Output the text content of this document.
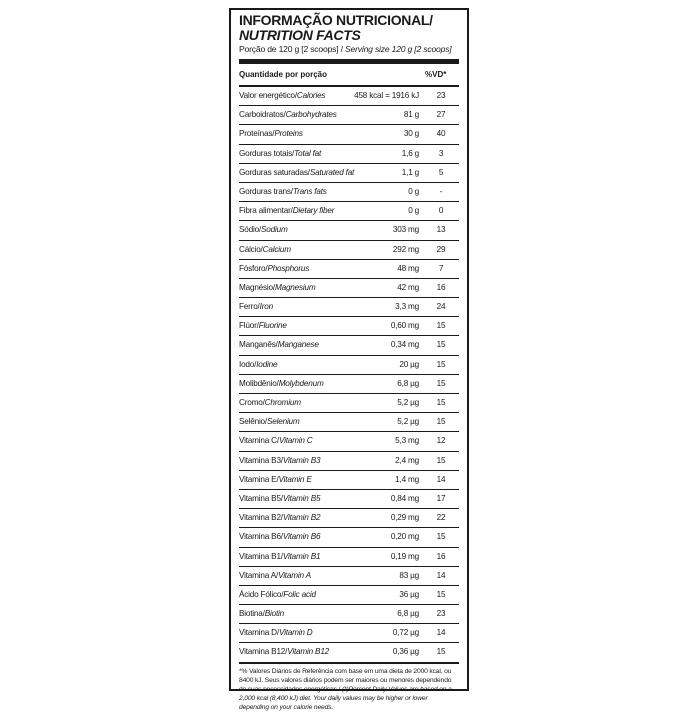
INFORMAÇÃO NUTRICIONAL/
NUTRITION FACTS
Porção de 120 g [2 scoops] / Serving size 120 g [2 scoops]
Quantidade por porção	%VD*
Valor energético/Calories	458 kcal = 1916 kJ	23
Carboidratos/Carbohydrates	81 g	27
Proteínas/Proteins	30 g	40
Gorduras totais/Total fat	1,6 g	3
Gorduras saturadas/Saturated fat	1,1 g	5
Gorduras trans/Trans fats	0 g	-
Fibra alimentar/Dietary fiber	0 g	0
Sódio/Sodium	303 mg	13
Cálcio/Calcium	292 mg	29
Fósforo/Phosphorus	48 mg	7
Magnésio/Magnesium	42 mg	16
Ferro/Iron	3,3 mg	24
Flúor/Fluorine	0,60 mg	15
Manganês/Manganese	0,34 mg	15
Iodo/Iodine	20 µg	15
Molibdênio/Molybdenum	6,8 µg	15
Cromo/Chromium	5,2 µg	15
Selênio/Selenium	5,2 µg	15
Vitamina C/Vitamin C	5,3 mg	12
Vitamina B3/Vitamin B3	2,4 mg	15
Vitamina E/Vitamin E	1,4 mg	14
Vitamina B5/Vitamin B5	0,84 mg	17
Vitamina B2/Vitamin B2	0,29 mg	22
Vitamina B6/Vitamin B6	0,20 mg	15
Vitamina B1/Vitamin B1	0,19 mg	16
Vitamina A/Vitamin A	83 µg	14
Ácido Fólico/Folic acid	36 µg	15
Biotina/Biotin	6,8 µg	23
Vitamina D/Vitamin D	0,72 µg	14
Vitamina B12/Vitamin B12	0,36 µg	15
*% Valores Diários de Referência com base em uma dieta de 2000 kcal, ou 8400 kJ. Seus valores diários podem ser maiores ou menores dependendo de suas necessidades energéticas./ (*)Percent Daily Values are based on a 2,000 kcal (8,400 kJ) diet. Your daily values may be higher or lower depending on your calorie needs.
